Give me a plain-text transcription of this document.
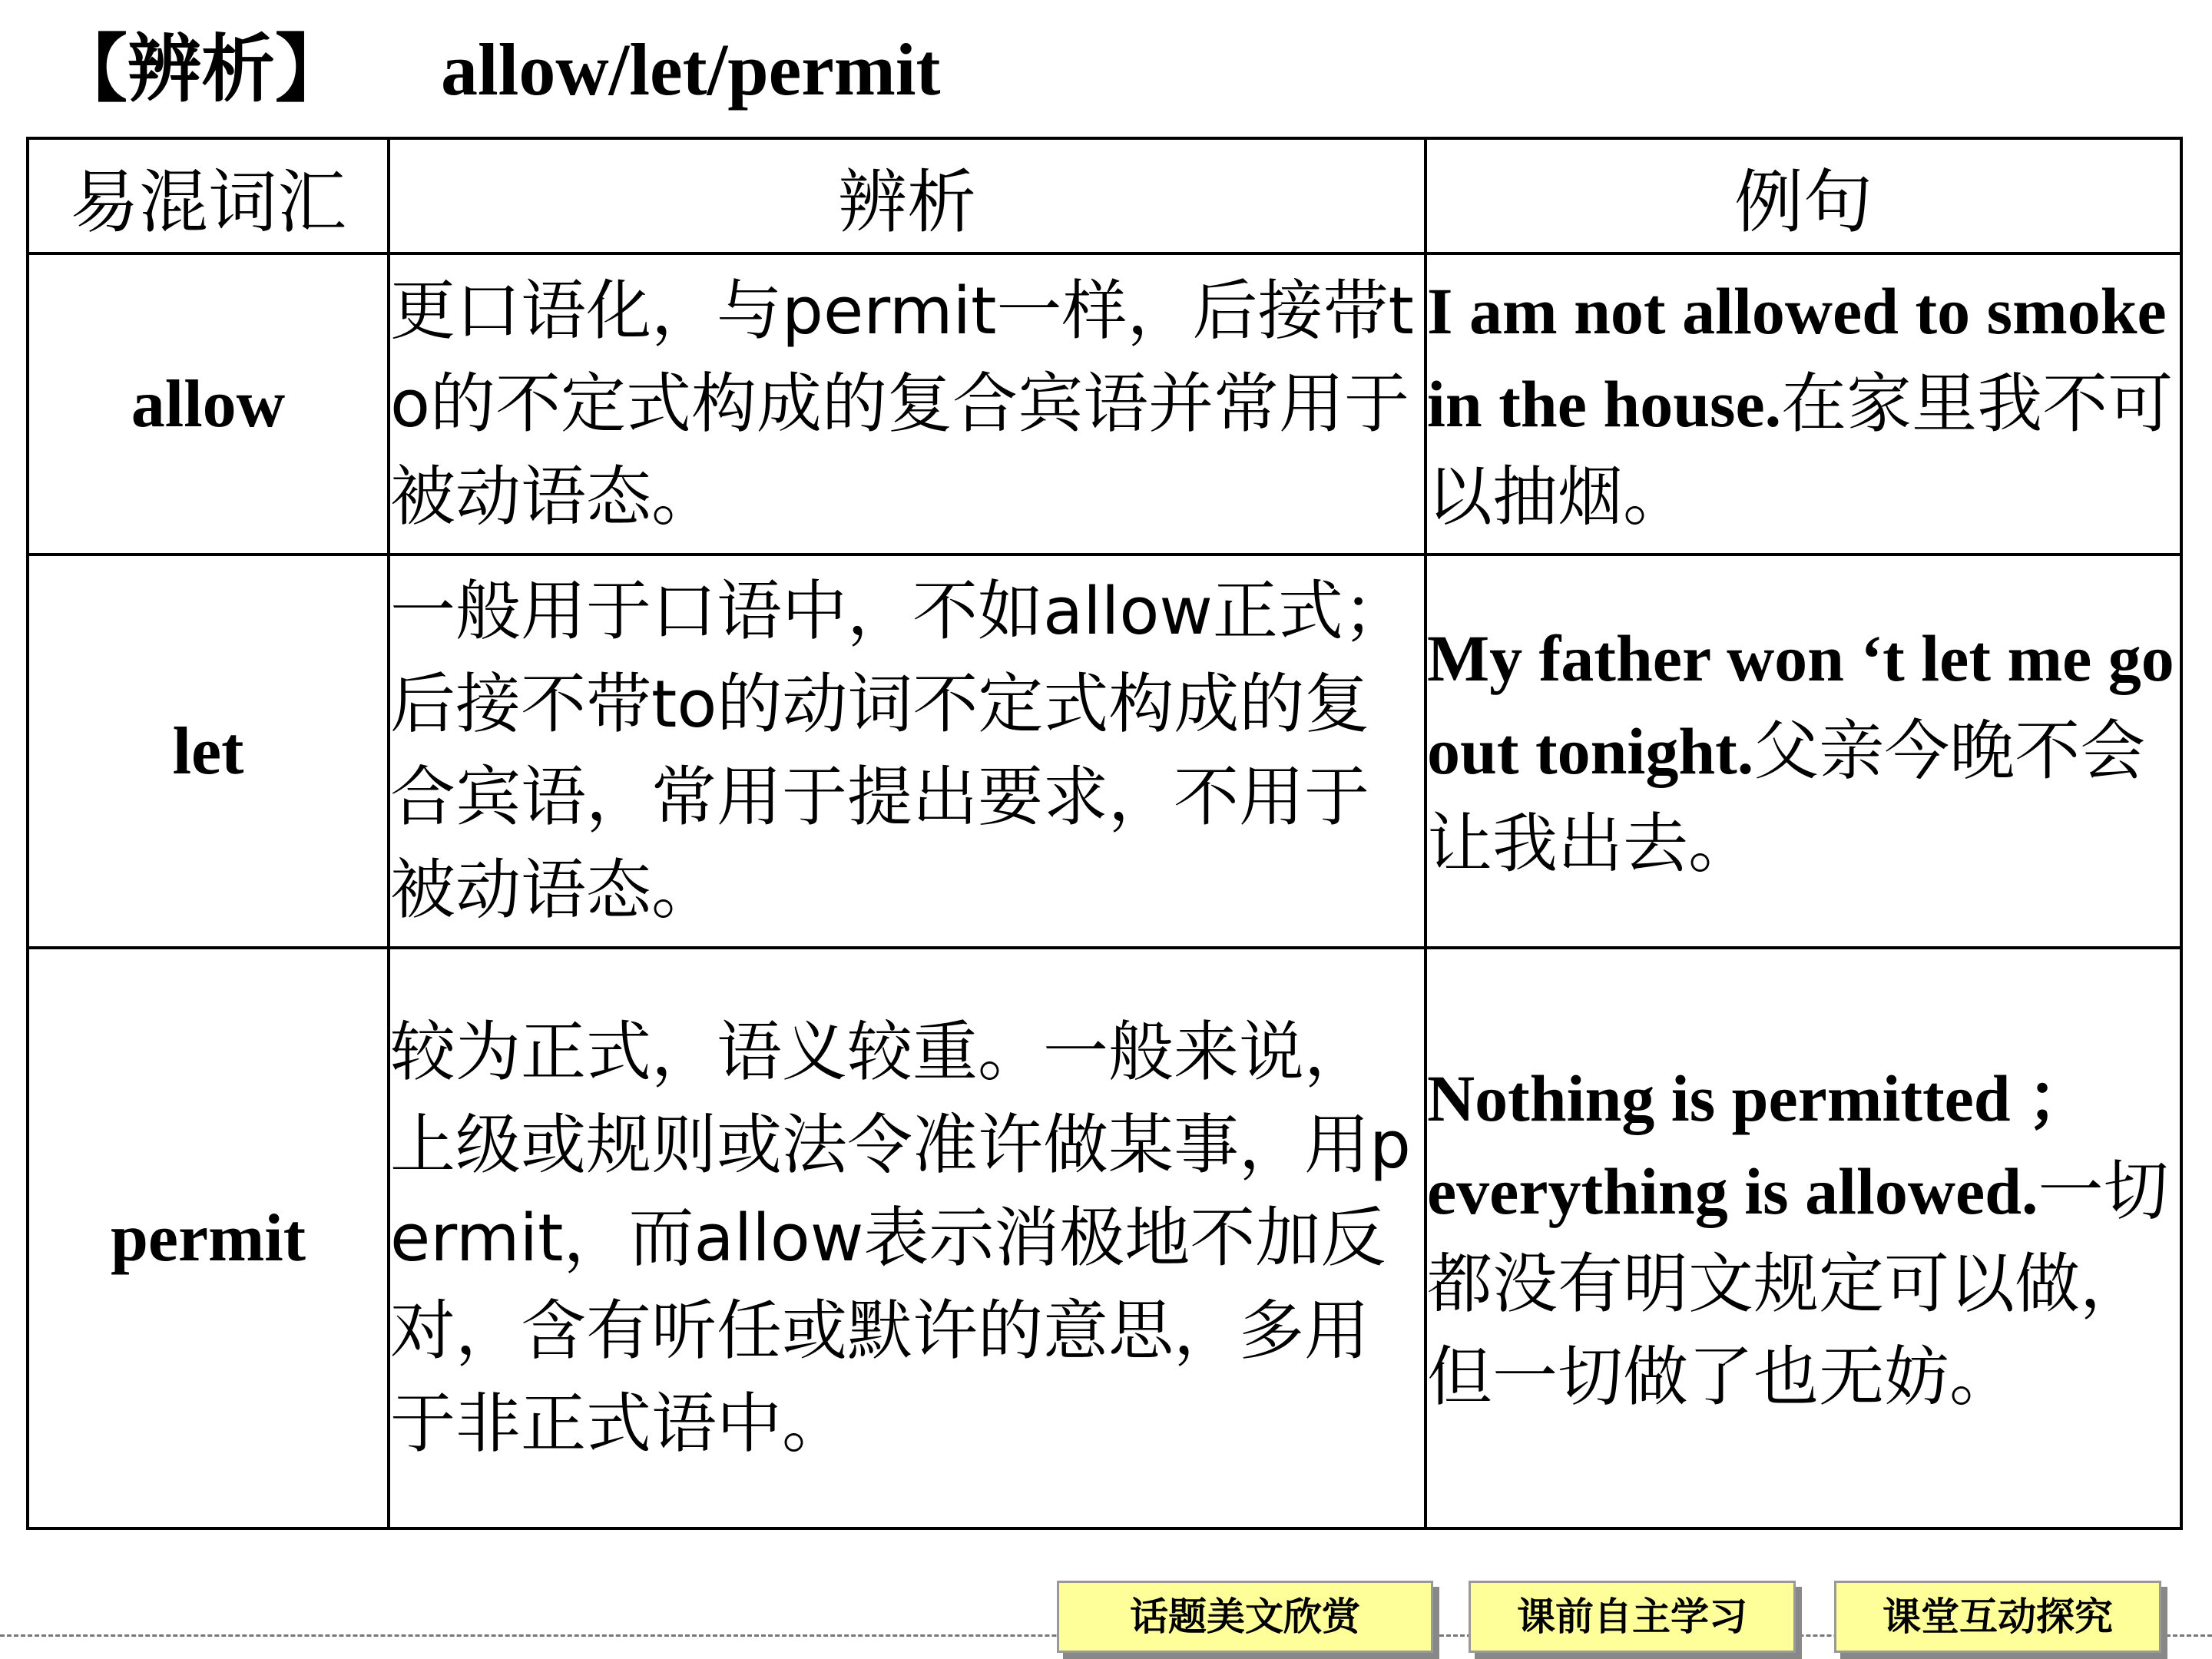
【辨析】 allow/let/permit
易混词汇	辨析	例句
allow	更口语化，与permit一样，后接带to的不定式构成的复合宾语并常用于被动语态。	I am not allowed to smoke in the house.在家里我不可以抽烟。

let	一般用于口语中，不如allow正式；后接不带to的动词不定式构成的复合宾语，常用于提出要求，不用于被动语态。	My father won ‘t let me go out tonight.父亲今晚不会让我出去。

permit	较为正式，语义较重。一般来说，上级或规则或法令准许做某事，用permit，而allow表示消极地不加反对，含有听任或默许的意思，多用于非正式语中。	Nothing is permitted ； everything is allowed.一切都没有明文规定可以做，但一切做了也无妨。
话题美文欣赏	课前自主学习	课堂互动探究
